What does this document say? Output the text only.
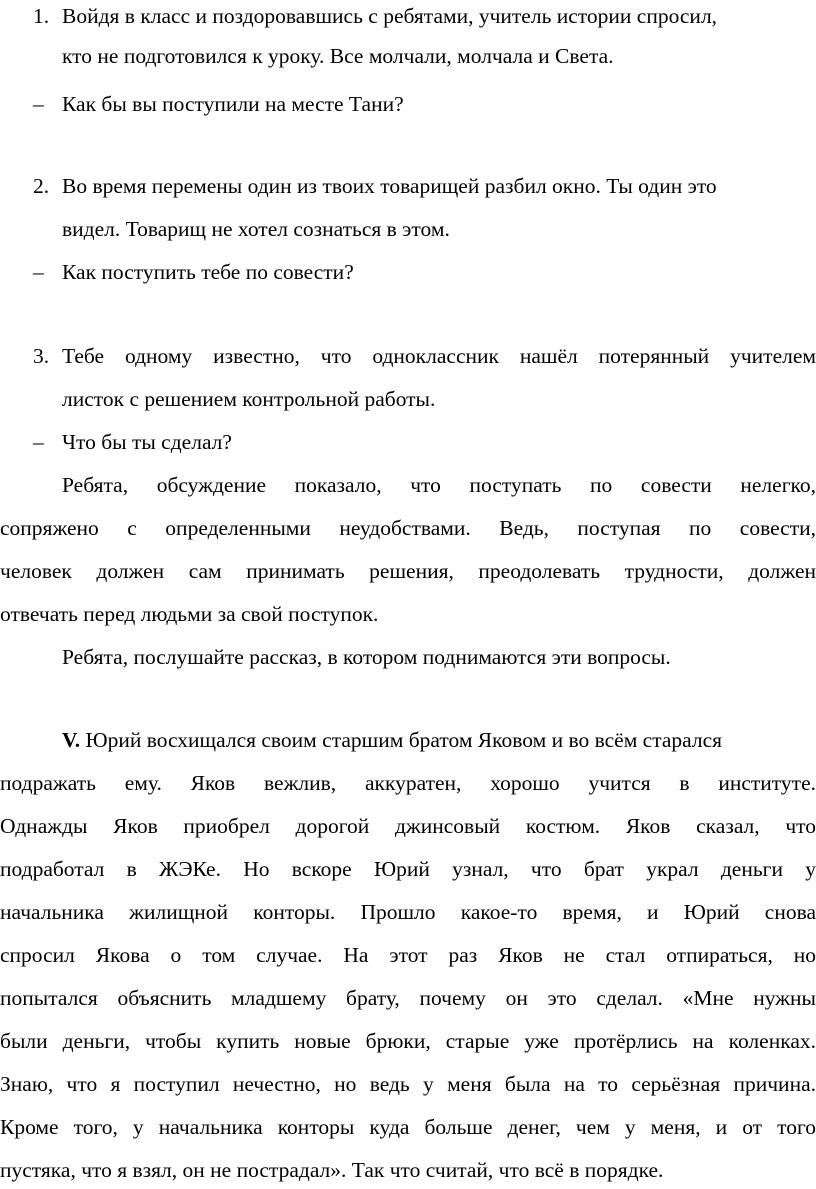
1. Войдя в класс и поздоровавшись с ребятами, учитель истории спросил,
кто не подготовился к уроку. Все молчали, молчала и Света.
– Как бы вы поступили на месте Тани?
2. Во время перемены один из твоих товарищей разбил окно. Ты один это
видел. Товарищ не хотел сознаться в этом.
– Как поступить тебе по совести?
3. Тебе одному известно, что одноклассник нашёл потерянный учителем
листок с решением контрольной работы.
– Что бы ты сделал?
Ребята, обсуждение показало, что поступать по совести нелегко,
сопряжено с определенными неудобствами. Ведь, поступая по совести,
человек должен сам принимать решения, преодолевать трудности, должен
отвечать перед людьми за свой поступок.
Ребята, послушайте рассказ, в котором поднимаются эти вопросы.
V. Юрий восхищался своим старшим братом Яковом и во всём старался
подражать ему. Яков вежлив, аккуратен, хорошо учится в институте.
Однажды Яков приобрел дорогой джинсовый костюм. Яков сказал, что
подработал в ЖЭКе. Но вскоре Юрий узнал, что брат украл деньги у
начальника жилищной конторы. Прошло какое-то время, и Юрий снова
спросил Якова о том случае. На этот раз Яков не стал отпираться, но
попытался объяснить младшему брату, почему он это сделал. «Мне нужны
были деньги, чтобы купить новые брюки, старые уже протёрлись на коленках.
Знаю, что я поступил нечестно, но ведь у меня была на то серьёзная причина.
Кроме того, у начальника конторы куда больше денег, чем у меня, и от того
пустяка, что я взял, он не пострадал». Так что считай, что всё в порядке.
